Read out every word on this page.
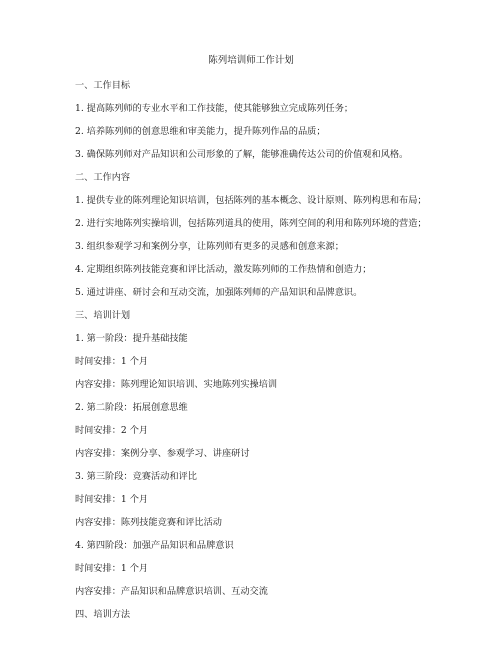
陈列培训师工作计划
一、工作目标
1. 提高陈列师的专业水平和工作技能，使其能够独立完成陈列任务；
2. 培养陈列师的创意思维和审美能力，提升陈列作品的品质；
3. 确保陈列师对产品知识和公司形象的了解，能够准确传达公司的价值观和风格。
二、工作内容
1. 提供专业的陈列理论知识培训，包括陈列的基本概念、设计原则、陈列构思和布局；
2. 进行实地陈列实操培训，包括陈列道具的使用，陈列空间的利用和陈列环境的营造；
3. 组织参观学习和案例分享，让陈列师有更多的灵感和创意来源；
4. 定期组织陈列技能竞赛和评比活动，激发陈列师的工作热情和创造力；
5. 通过讲座、研讨会和互动交流，加强陈列师的产品知识和品牌意识。
三、培训计划
1. 第一阶段：提升基础技能
时间安排：1 个月
内容安排：陈列理论知识培训、实地陈列实操培训
2. 第二阶段：拓展创意思维
时间安排：2 个月
内容安排：案例分享、参观学习、讲座研讨
3. 第三阶段：竞赛活动和评比
时间安排：1 个月
内容安排：陈列技能竞赛和评比活动
4. 第四阶段：加强产品知识和品牌意识
时间安排：1 个月
内容安排：产品知识和品牌意识培训、互动交流
四、培训方法
